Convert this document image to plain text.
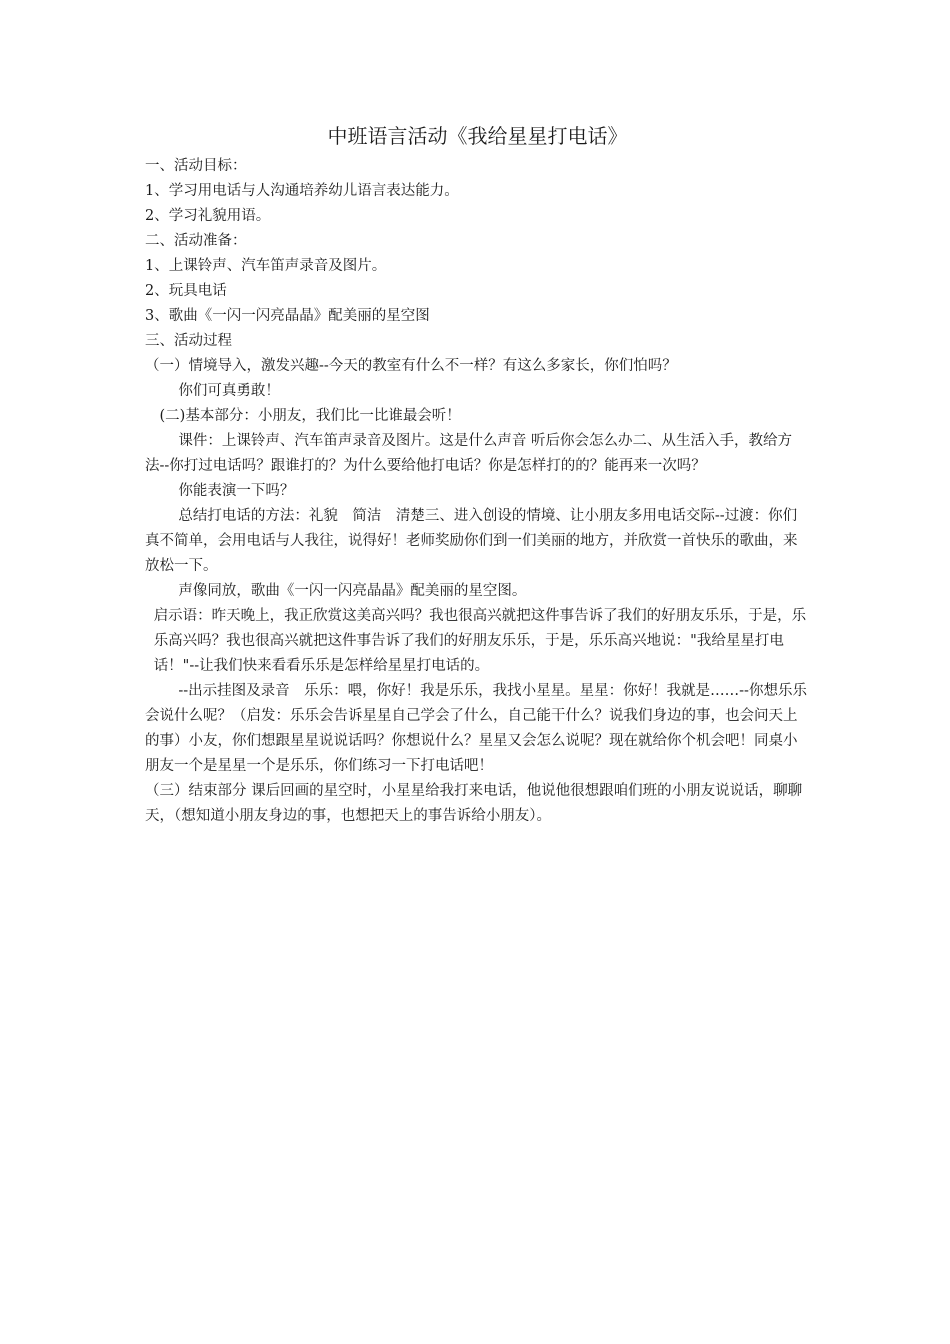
中班语言活动《我给星星打电话》

一、活动目标：

1、学习用电话与人沟通培养幼儿语言表达能力。

2、学习礼貌用语。

二、活动准备：

1、上课铃声、汽车笛声录音及图片。

2、玩具电话

3、歌曲《一闪一闪亮晶晶》配美丽的星空图

三、活动过程

（一）情境导入，激发兴趣--今天的教室有什么不一样？有这么多家长，你们怕吗？

你们可真勇敢！

(二)基本部分：小朋友，我们比一比谁最会听！

课件：上课铃声、汽车笛声录音及图片。这是什么声音 听后你会怎么办二、从生活入手，教给方法--你打过电话吗？跟谁打的？为什么要给他打电话？你是怎样打的的？能再来一次吗？

你能表演一下吗？

总结打电话的方法：礼貌　简洁　清楚三、进入创设的情境、让小朋友多用电话交际--过渡：你们真不简单，会用电话与人我往，说得好！老师奖励你们到一们美丽的地方，并欣赏一首快乐的歌曲，来放松一下。

声像同放，歌曲《一闪一闪亮晶晶》配美丽的星空图。

启示语：昨天晚上，我正欣赏这美高兴吗？我也很高兴就把这件事告诉了我们的好朋友乐乐，于是，乐乐高兴吗？我也很高兴就把这件事告诉了我们的好朋友乐乐，于是，乐乐高兴地说："我给星星打电话！"--让我们快来看看乐乐是怎样给星星打电话的。

--出示挂图及录音　乐乐：喂，你好！我是乐乐，我找小星星。星星：你好！我就是……--你想乐乐会说什么呢？（启发：乐乐会告诉星星自己学会了什么，自己能干什么？说我们身边的事，也会问天上的事）小友，你们想跟星星说说话吗？你想说什么？星星又会怎么说呢？现在就给你个机会吧！同桌小朋友一个是星星一个是乐乐，你们练习一下打电话吧！

（三）结束部分 课后回画的星空时，小星星给我打来电话，他说他很想跟咱们班的小朋友说说话，聊聊天，（想知道小朋友身边的事，也想把天上的事告诉给小朋友）。
